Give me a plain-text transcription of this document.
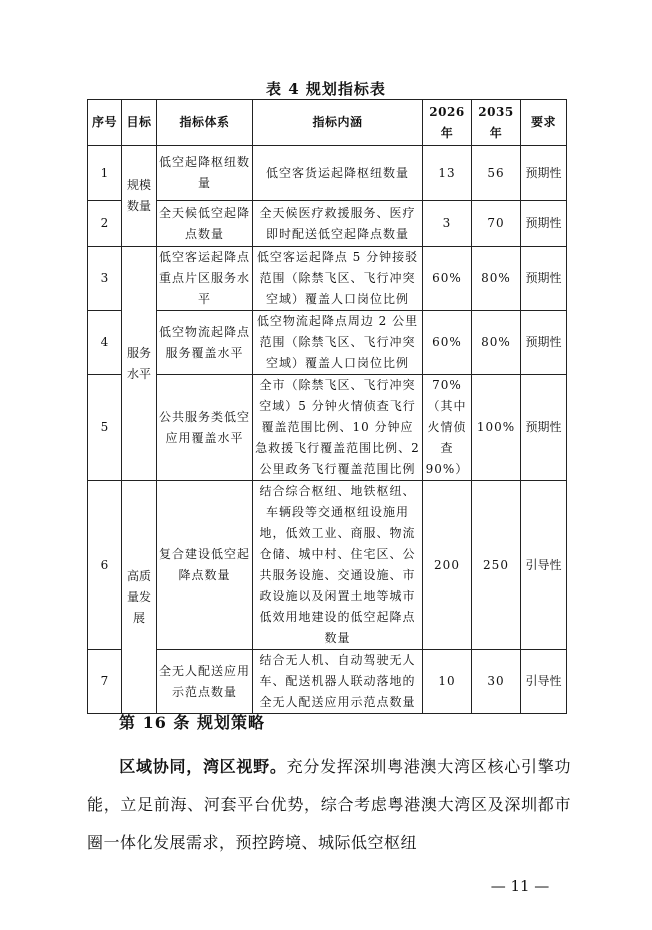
表 4 规划指标表
序号	目标	指标体系	指标内涵	2026 年	2035 年	要求
1	规模数量	低空起降枢纽数量	低空客货运起降枢纽数量	13	56	预期性
2		全天候低空起降点数量	全天候医疗救援服务、医疗即时配送低空起降点数量	3	70	预期性
3	服务水平	低空客运起降点重点片区服务水平	低空客运起降点 5 分钟接驳范围（除禁飞区、飞行冲突空域）覆盖人口岗位比例	60%	80%	预期性
4		低空物流起降点服务覆盖水平	低空物流起降点周边 2 公里范围（除禁飞区、飞行冲突空域）覆盖人口岗位比例	60%	80%	预期性
5		公共服务类低空应用覆盖水平	全市（除禁飞区、飞行冲突空域）5 分钟火情侦查飞行覆盖范围比例、10 分钟应急救援飞行覆盖范围比例、2 公里政务飞行覆盖范围比例	70%（其中火情侦查 90%）	100%	预期性
6	高质量发展	复合建设低空起降点数量	结合综合枢纽、地铁枢纽、车辆段等交通枢纽设施用地，低效工业、商服、物流仓储、城中村、住宅区、公共服务设施、交通设施、市政设施以及闲置土地等城市低效用地建设的低空起降点数量	200	250	引导性
7		全无人配送应用示范点数量	结合无人机、自动驾驶无人车、配送机器人联动落地的全无人配送应用示范点数量	10	30	引导性
第 16 条 规划策略
区域协同，湾区视野。充分发挥深圳粤港澳大湾区核心引擎功能，立足前海、河套平台优势，综合考虑粤港澳大湾区及深圳都市圈一体化发展需求，预控跨境、城际低空枢纽
— 11 —
